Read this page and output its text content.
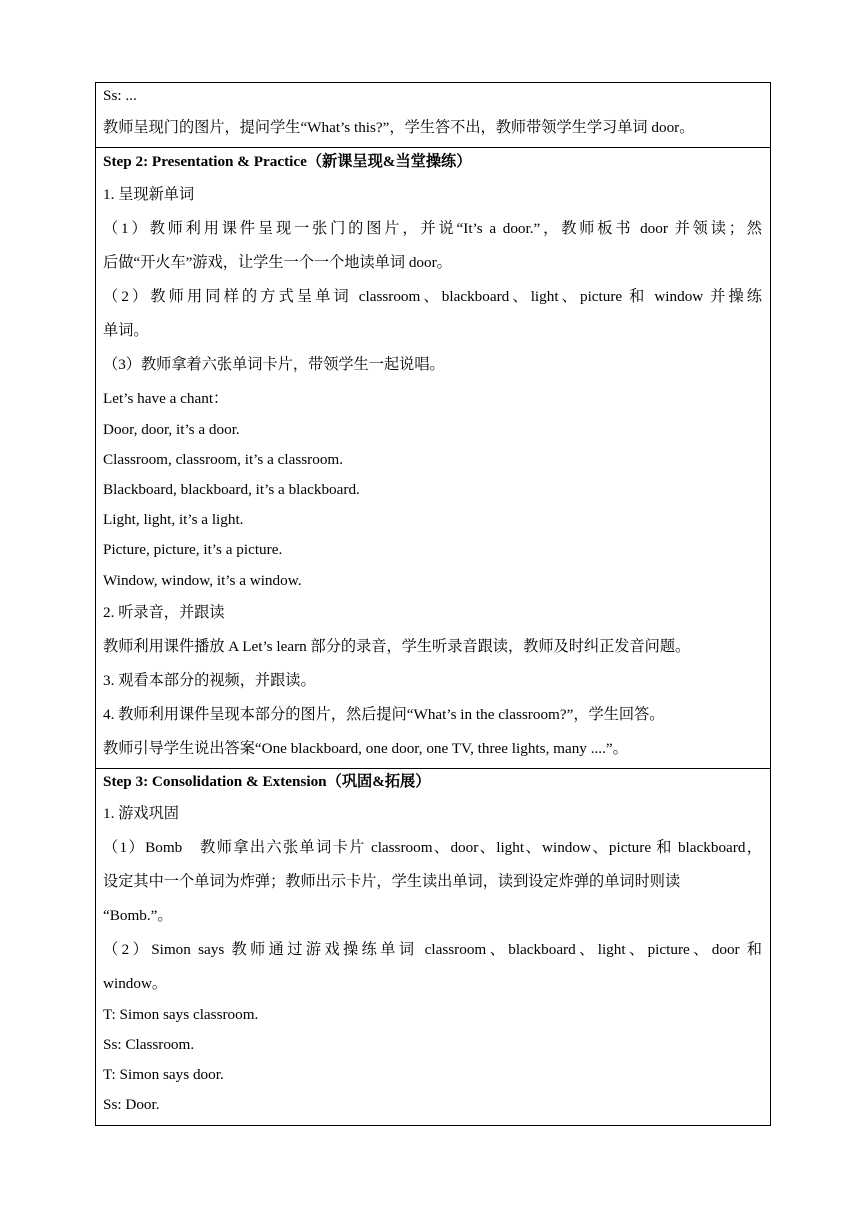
Ss: ...
教师呈现门的图片，提问学生“What’s this?”，学生答不出，教师带领学生学习单词 door。
Step 2: Presentation & Practice（新课呈现&当堂操练）
1. 呈现新单词
（1）教师利用课件呈现一张门的图片，并说“It’s a door.”，教师板书 door 并领读；然
后做“开火车”游戏，让学生一个一个地读单词 door。
（2）教师用同样的方式呈单词 classroom、blackboard、light、picture 和 window 并操练
单词。
（3）教师拿着六张单词卡片，带领学生一起说唱。
Let’s have a chant：
Door, door, it’s a door.
Classroom, classroom, it’s a classroom.
Blackboard, blackboard, it’s a blackboard.
Light, light, it’s a light.
Picture, picture, it’s a picture.
Window, window, it’s a window.
2. 听录音，并跟读
教师利用课件播放 A Let’s learn 部分的录音，学生听录音跟读，教师及时纠正发音问题。
3. 观看本部分的视频，并跟读。
4. 教师利用课件呈现本部分的图片，然后提问“What’s in the classroom?”，学生回答。
教师引导学生说出答案“One blackboard, one door, one TV, three lights, many ....”。
Step 3: Consolidation & Extension（巩固&拓展）
1. 游戏巩固
（1）Bomb　教师拿出六张单词卡片 classroom、door、light、window、picture 和 blackboard，
设定其中一个单词为炸弹；教师出示卡片，学生读出单词，读到设定炸弹的单词时则读
“Bomb.”。
（2）Simon says 教师通过游戏操练单词 classroom、blackboard、light、picture、door 和
window。
T: Simon says classroom.
Ss: Classroom.
T: Simon says door.
Ss: Door.
